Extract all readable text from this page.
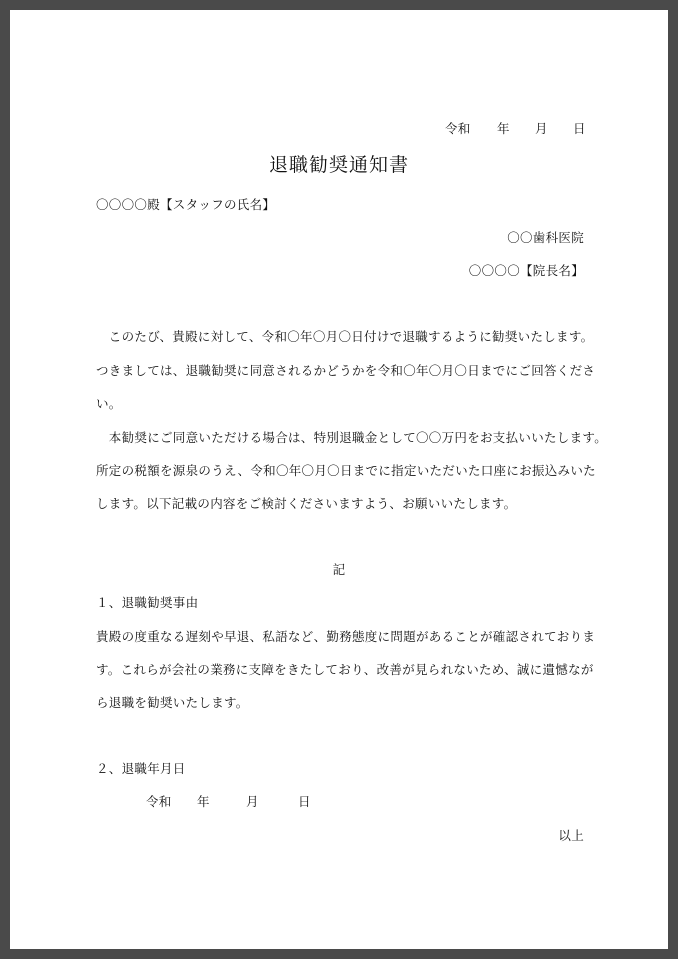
令和 年 月 日
退職勧奨通知書
〇〇〇〇殿【スタッフの氏名】
〇〇歯科医院
〇〇〇〇【院長名】
　このたび、貴殿に対して、令和〇年〇月〇日付けで退職するように勧奨いたします。
つきましては、退職勧奨に同意されるかどうかを令和〇年〇月〇日までにご回答くださ
い。
　本勧奨にご同意いただける場合は、特別退職金として〇〇万円をお支払いいたします。
所定の税額を源泉のうえ、令和〇年〇月〇日までに指定いただいた口座にお振込みいた
します。以下記載の内容をご検討くださいますよう、お願いいたします。
記
１、退職勧奨事由
貴殿の度重なる遅刻や早退、私語など、勤務態度に問題があることが確認されておりま
す。これらが会社の業務に支障をきたしており、改善が見られないため、誠に遺憾なが
ら退職を勧奨いたします。
２、退職年月日
令和 年	月	日
以上
